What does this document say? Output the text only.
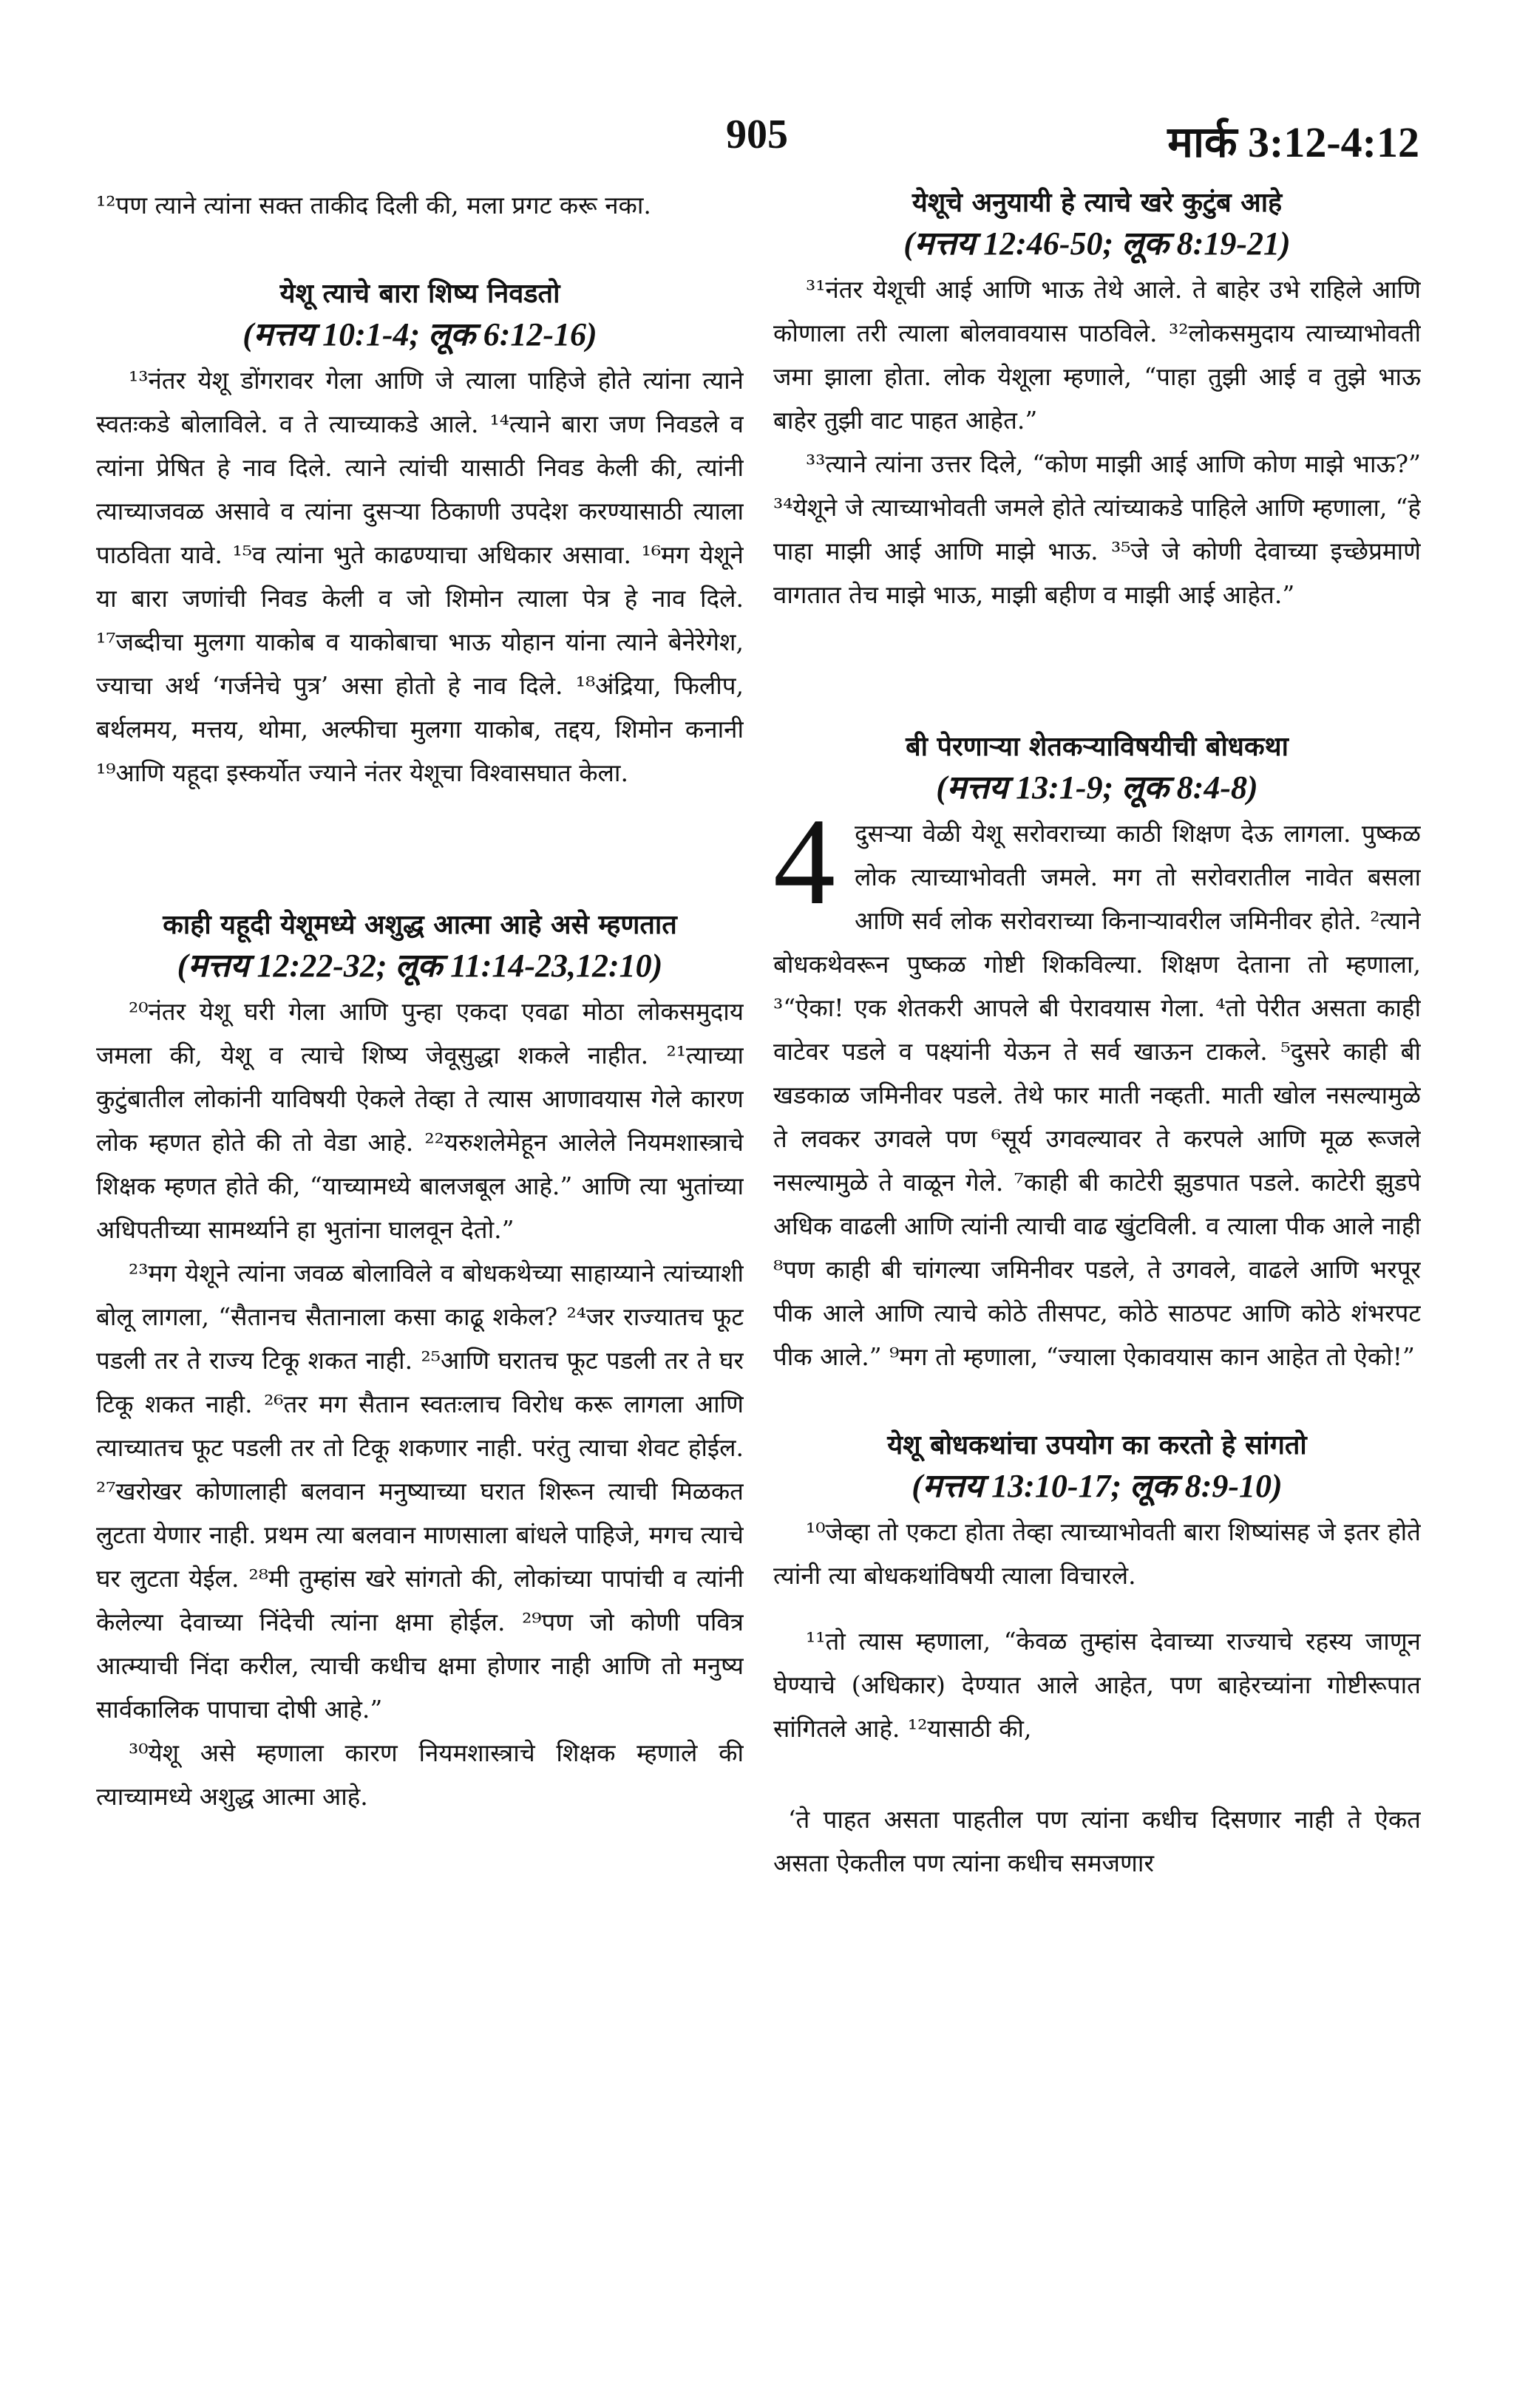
905	मार्क 3:12-4:12

¹²पण त्याने त्यांना सक्त ताकीद दिली की, मला प्रगट करू नका.

येशू त्याचे बारा शिष्य निवडतो
(मत्तय 10:1-4; लूक 6:12-16)

¹³नंतर येशू डोंगरावर गेला आणि जे त्याला पाहिजे होते त्यांना त्याने स्वतःकडे बोलाविले. व ते त्याच्याकडे आले. ¹⁴त्याने बारा जण निवडले व त्यांना प्रेषित हे नाव दिले. त्याने त्यांची यासाठी निवड केली की, त्यांनी त्याच्याजवळ असावे व त्यांना दुसऱ्या ठिकाणी उपदेश करण्यासाठी त्याला पाठविता यावे. ¹⁵व त्यांना भुते काढण्याचा अधिकार असावा. ¹⁶मग येशूने या बारा जणांची निवड केली व जो शिमोन त्याला पेत्र हे नाव दिले. ¹⁷जब्दीचा मुलगा याकोब व याकोबाचा भाऊ योहान यांना त्याने बेनेरेगेश, ज्याचा अर्थ ‘गर्जनेचे पुत्र’ असा होतो हे नाव दिले. ¹⁸अंद्रिया, फिलीप, बर्थलमय, मत्तय, थोमा, अल्फीचा मुलगा याकोब, तद्दय, शिमोन कनानी ¹⁹आणि यहूदा इस्कर्योत ज्याने नंतर येशूचा विश्वासघात केला.

काही यहूदी येशूमध्ये अशुद्ध आत्मा आहे असे म्हणतात
(मत्तय 12:22-32; लूक 11:14-23,12:10)

²⁰नंतर येशू घरी गेला आणि पुन्हा एकदा एवढा मोठा लोकसमुदाय जमला की, येशू व त्याचे शिष्य जेवूसुद्धा शकले नाहीत. ²¹त्याच्या कुटुंबातील लोकांनी याविषयी ऐकले तेव्हा ते त्यास आणावयास गेले कारण लोक म्हणत होते की तो वेडा आहे. ²²यरुशलेमेहून आलेले नियमशास्त्राचे शिक्षक म्हणत होते की, “याच्यामध्ये बालजबूल आहे.” आणि त्या भुतांच्या अधिपतीच्या सामर्थ्याने हा भुतांना घालवून देतो.”

²³मग येशूने त्यांना जवळ बोलाविले व बोधकथेच्या साहाय्याने त्यांच्याशी बोलू लागला, “सैतानच सैतानाला कसा काढू शकेल? ²⁴जर राज्यातच फूट पडली तर ते राज्य टिकू शकत नाही. ²⁵आणि घरातच फूट पडली तर ते घर टिकू शकत नाही. ²⁶तर मग सैतान स्वतःलाच विरोध करू लागला आणि त्याच्यातच फूट पडली तर तो टिकू शकणार नाही. परंतु त्याचा शेवट होईल. ²⁷खरोखर कोणालाही बलवान मनुष्याच्या घरात शिरून त्याची मिळकत लुटता येणार नाही. प्रथम त्या बलवान माणसाला बांधले पाहिजे, मगच त्याचे घर लुटता येईल. ²⁸मी तुम्हांस खरे सांगतो की, लोकांच्या पापांची व त्यांनी केलेल्या देवाच्या निंदेची त्यांना क्षमा होईल. ²⁹पण जो कोणी पवित्र आत्म्याची निंदा करील, त्याची कधीच क्षमा होणार नाही आणि तो मनुष्य सार्वकालिक पापाचा दोषी आहे.”

³⁰येशू असे म्हणाला कारण नियमशास्त्राचे शिक्षक म्हणाले की त्याच्यामध्ये अशुद्ध आत्मा आहे.

येशूचे अनुयायी हे त्याचे खरे कुटुंब आहे
(मत्तय 12:46-50; लूक 8:19-21)

³¹नंतर येशूची आई आणि भाऊ तेथे आले. ते बाहेर उभे राहिले आणि कोणाला तरी त्याला बोलवावयास पाठविले. ³²लोकसमुदाय त्याच्याभोवती जमा झाला होता. लोक येशूला म्हणाले, “पाहा तुझी आई व तुझे भाऊ बाहेर तुझी वाट पाहत आहेत.”

³³त्याने त्यांना उत्तर दिले, “कोण माझी आई आणि कोण माझे भाऊ?” ³⁴येशूने जे त्याच्याभोवती जमले होते त्यांच्याकडे पाहिले आणि म्हणाला, “हे पाहा माझी आई आणि माझे भाऊ. ³⁵जे जे कोणी देवाच्या इच्छेप्रमाणे वागतात तेच माझे भाऊ, माझी बहीण व माझी आई आहेत.”

बी पेरणाऱ्या शेतकऱ्याविषयीची बोधकथा
(मत्तय 13:1-9; लूक 8:4-8)
4 दुसऱ्या वेळी येशू सरोवराच्या काठी शिक्षण देऊ लागला. पुष्कळ लोक त्याच्याभोवती जमले. मग तो सरोवरातील नावेत बसला आणि सर्व लोक सरोवराच्या किनाऱ्यावरील जमिनीवर होते. ²त्याने बोधकथेवरून पुष्कळ गोष्टी शिकविल्या. शिक्षण देताना तो म्हणाला, ³“ऐका! एक शेतकरी आपले बी पेरावयास गेला. ⁴तो पेरीत असता काही वाटेवर पडले व पक्ष्यांनी येऊन ते सर्व खाऊन टाकले. ⁵दुसरे काही बी खडकाळ जमिनीवर पडले. तेथे फार माती नव्हती. माती खोल नसल्यामुळे ते लवकर उगवले पण ⁶सूर्य उगवल्यावर ते करपले आणि मूळ रूजले नसल्यामुळे ते वाळून गेले. ⁷काही बी काटेरी झुडपात पडले. काटेरी झुडपे अधिक वाढली आणि त्यांनी त्याची वाढ खुंटविली. व त्याला पीक आले नाही ⁸पण काही बी चांगल्या जमिनीवर पडले, ते उगवले, वाढले आणि भरपूर पीक आले आणि त्याचे कोठे तीसपट, कोठे साठपट आणि कोठे शंभरपट पीक आले.” ⁹मग तो म्हणाला, “ज्याला ऐकावयास कान आहेत तो ऐको!”

येशू बोधकथांचा उपयोग का करतो हे सांगतो
(मत्तय 13:10-17; लूक 8:9-10)

¹⁰जेव्हा तो एकटा होता तेव्हा त्याच्याभोवती बारा शिष्यांसह जे इतर होते त्यांनी त्या बोधकथांविषयी त्याला विचारले.

¹¹तो त्यास म्हणाला, “केवळ तुम्हांस देवाच्या राज्याचे रहस्य जाणून घेण्याचे (अधिकार) देण्यात आले आहेत, पण बाहेरच्यांना गोष्टीरूपात सांगितले आहे. ¹²यासाठी की,

‘ते पाहत असता पाहतील पण त्यांना कधीच दिसणार नाही ते ऐकत असता ऐकतील पण त्यांना कधीच समजणार
